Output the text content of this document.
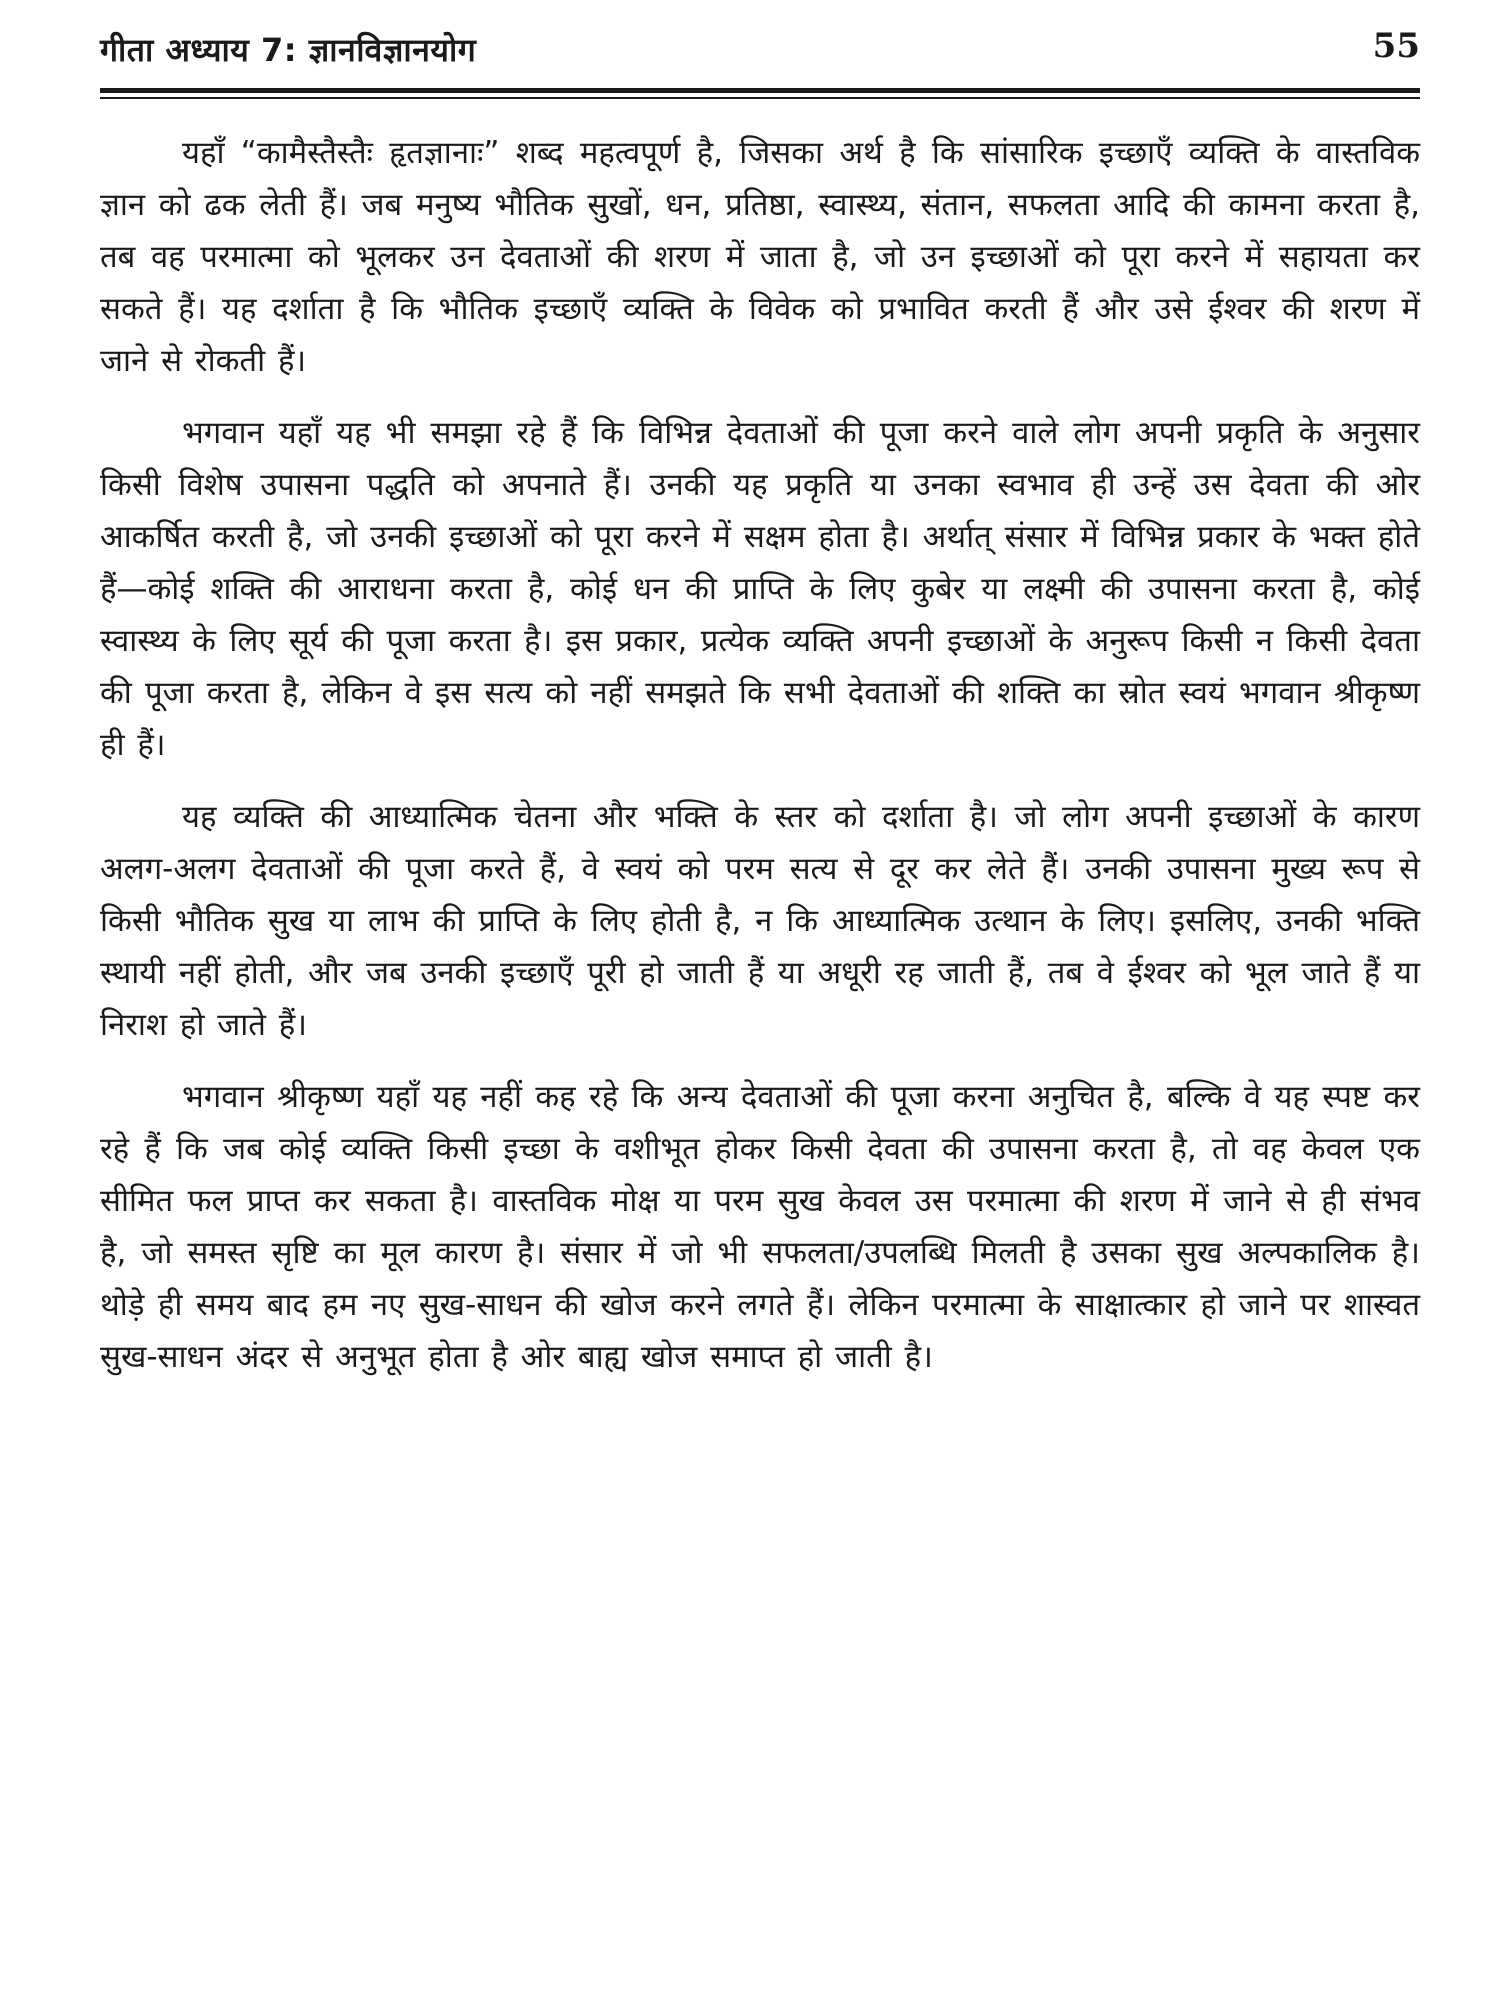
गीता अध्याय 7: ज्ञानविज्ञानयोग	55

यहाँ “कामैस्तैस्तैः हृतज्ञानाः” शब्द महत्वपूर्ण है, जिसका अर्थ है कि सांसारिक इच्छाएँ व्यक्ति के वास्तविक ज्ञान को ढक लेती हैं। जब मनुष्य भौतिक सुखों, धन, प्रतिष्ठा, स्वास्थ्य, संतान, सफलता आदि की कामना करता है, तब वह परमात्मा को भूलकर उन देवताओं की शरण में जाता है, जो उन इच्छाओं को पूरा करने में सहायता कर सकते हैं। यह दर्शाता है कि भौतिक इच्छाएँ व्यक्ति के विवेक को प्रभावित करती हैं और उसे ईश्वर की शरण में जाने से रोकती हैं।

भगवान यहाँ यह भी समझा रहे हैं कि विभिन्न देवताओं की पूजा करने वाले लोग अपनी प्रकृति के अनुसार किसी विशेष उपासना पद्धति को अपनाते हैं। उनकी यह प्रकृति या उनका स्वभाव ही उन्हें उस देवता की ओर आकर्षित करती है, जो उनकी इच्छाओं को पूरा करने में सक्षम होता है। अर्थात् संसार में विभिन्न प्रकार के भक्त होते हैं—कोई शक्ति की आराधना करता है, कोई धन की प्राप्ति के लिए कुबेर या लक्ष्मी की उपासना करता है, कोई स्वास्थ्य के लिए सूर्य की पूजा करता है। इस प्रकार, प्रत्येक व्यक्ति अपनी इच्छाओं के अनुरूप किसी न किसी देवता की पूजा करता है, लेकिन वे इस सत्य को नहीं समझते कि सभी देवताओं की शक्ति का स्रोत स्वयं भगवान श्रीकृष्ण ही हैं।

यह व्यक्ति की आध्यात्मिक चेतना और भक्ति के स्तर को दर्शाता है। जो लोग अपनी इच्छाओं के कारण अलग-अलग देवताओं की पूजा करते हैं, वे स्वयं को परम सत्य से दूर कर लेते हैं। उनकी उपासना मुख्य रूप से किसी भौतिक सुख या लाभ की प्राप्ति के लिए होती है, न कि आध्यात्मिक उत्थान के लिए। इसलिए, उनकी भक्ति स्थायी नहीं होती, और जब उनकी इच्छाएँ पूरी हो जाती हैं या अधूरी रह जाती हैं, तब वे ईश्वर को भूल जाते हैं या निराश हो जाते हैं।

भगवान श्रीकृष्ण यहाँ यह नहीं कह रहे कि अन्य देवताओं की पूजा करना अनुचित है, बल्कि वे यह स्पष्ट कर रहे हैं कि जब कोई व्यक्ति किसी इच्छा के वशीभूत होकर किसी देवता की उपासना करता है, तो वह केवल एक सीमित फल प्राप्त कर सकता है। वास्तविक मोक्ष या परम सुख केवल उस परमात्मा की शरण में जाने से ही संभव है, जो समस्त सृष्टि का मूल कारण है। संसार में जो भी सफलता/उपलब्धि मिलती है उसका सुख अल्पकालिक है। थोड़े ही समय बाद हम नए सुख-साधन की खोज करने लगते हैं। लेकिन परमात्मा के साक्षात्कार हो जाने पर शास्वत सुख-साधन अंदर से अनुभूत होता है ओर बाह्य खोज समाप्त हो जाती है।
